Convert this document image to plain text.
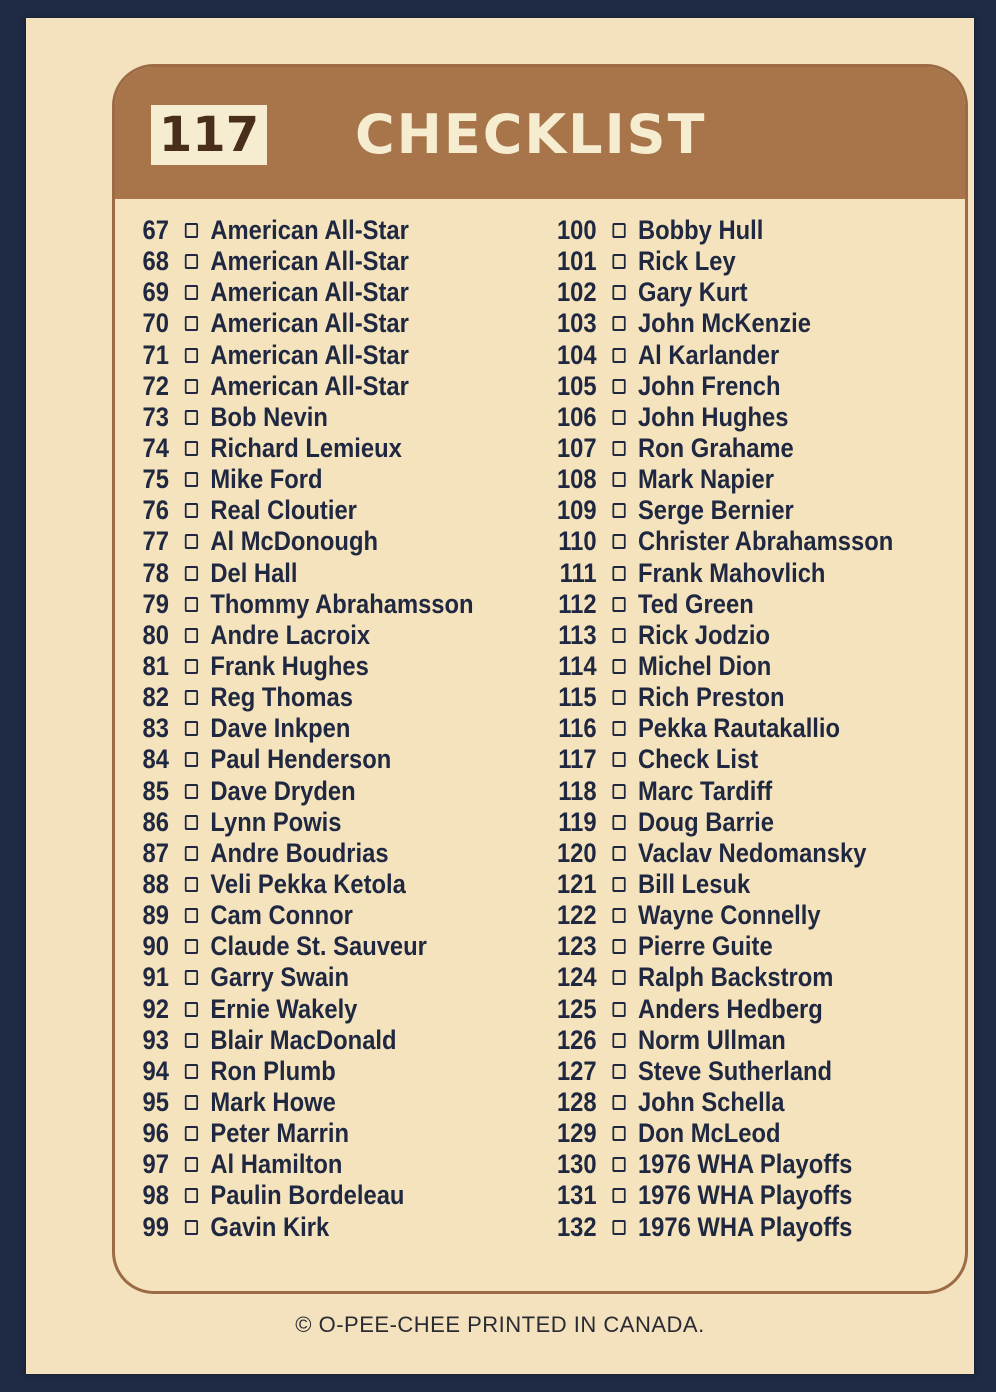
117 CHECKLIST
67 American All-Star
68 American All-Star
69 American All-Star
70 American All-Star
71 American All-Star
72 American All-Star
73 Bob Nevin
74 Richard Lemieux
75 Mike Ford
76 Real Cloutier
77 Al McDonough
78 Del Hall
79 Thommy Abrahamsson
80 Andre Lacroix
81 Frank Hughes
82 Reg Thomas
83 Dave Inkpen
84 Paul Henderson
85 Dave Dryden
86 Lynn Powis
87 Andre Boudrias
88 Veli Pekka Ketola
89 Cam Connor
90 Claude St. Sauveur
91 Garry Swain
92 Ernie Wakely
93 Blair MacDonald
94 Ron Plumb
95 Mark Howe
96 Peter Marrin
97 Al Hamilton
98 Paulin Bordeleau
99 Gavin Kirk
100 Bobby Hull
101 Rick Ley
102 Gary Kurt
103 John McKenzie
104 Al Karlander
105 John French
106 John Hughes
107 Ron Grahame
108 Mark Napier
109 Serge Bernier
110 Christer Abrahamsson
111 Frank Mahovlich
112 Ted Green
113 Rick Jodzio
114 Michel Dion
115 Rich Preston
116 Pekka Rautakallio
117 Check List
118 Marc Tardiff
119 Doug Barrie
120 Vaclav Nedomansky
121 Bill Lesuk
122 Wayne Connelly
123 Pierre Guite
124 Ralph Backstrom
125 Anders Hedberg
126 Norm Ullman
127 Steve Sutherland
128 John Schella
129 Don McLeod
130 1976 WHA Playoffs
131 1976 WHA Playoffs
132 1976 WHA Playoffs
© O-PEE-CHEE PRINTED IN CANADA.
